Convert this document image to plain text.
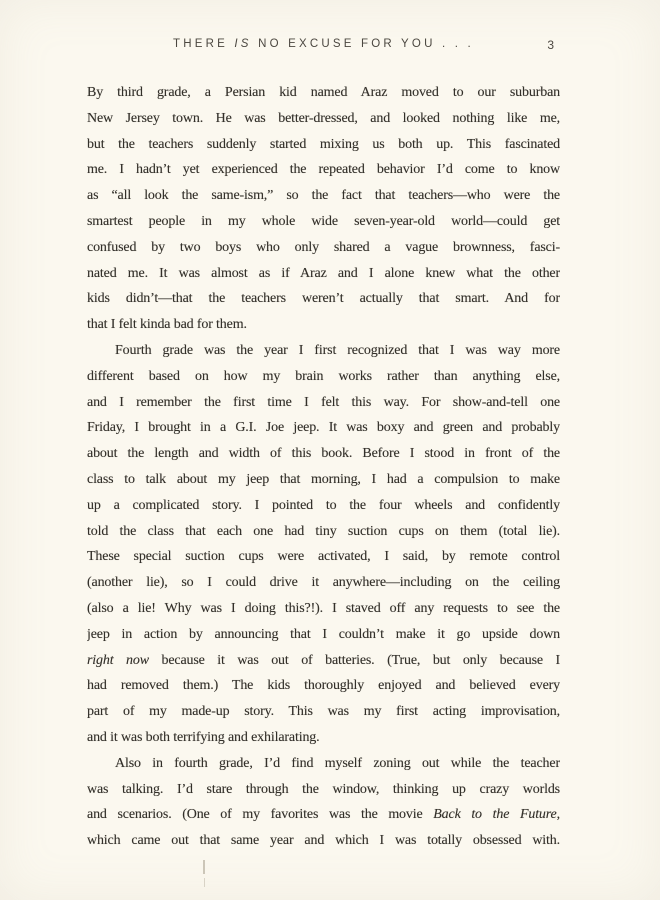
THERE IS NO EXCUSE FOR YOU . . .	3
By third grade, a Persian kid named Araz moved to our suburban
New Jersey town. He was better-dressed, and looked nothing like me,
but the teachers suddenly started mixing us both up. This fascinated
me. I hadn’t yet experienced the repeated behavior I’d come to know
as “all look the same-ism,” so the fact that teachers—who were the
smartest people in my whole wide seven-year-old world—could get
confused by two boys who only shared a vague brownness, fasci-
nated me. It was almost as if Araz and I alone knew what the other
kids didn’t—that the teachers weren’t actually that smart. And for
that I felt kinda bad for them.
Fourth grade was the year I first recognized that I was way more
different based on how my brain works rather than anything else,
and I remember the first time I felt this way. For show-and-tell one
Friday, I brought in a G.I. Joe jeep. It was boxy and green and probably
about the length and width of this book. Before I stood in front of the
class to talk about my jeep that morning, I had a compulsion to make
up a complicated story. I pointed to the four wheels and confidently
told the class that each one had tiny suction cups on them (total lie).
These special suction cups were activated, I said, by remote control
(another lie), so I could drive it anywhere—including on the ceiling
(also a lie! Why was I doing this?!). I staved off any requests to see the
jeep in action by announcing that I couldn’t make it go upside down
right now because it was out of batteries. (True, but only because I
had removed them.) The kids thoroughly enjoyed and believed every
part of my made-up story. This was my first acting improvisation,
and it was both terrifying and exhilarating.
Also in fourth grade, I’d find myself zoning out while the teacher
was talking. I’d stare through the window, thinking up crazy worlds
and scenarios. (One of my favorites was the movie Back to the Future,
which came out that same year and which I was totally obsessed with.
